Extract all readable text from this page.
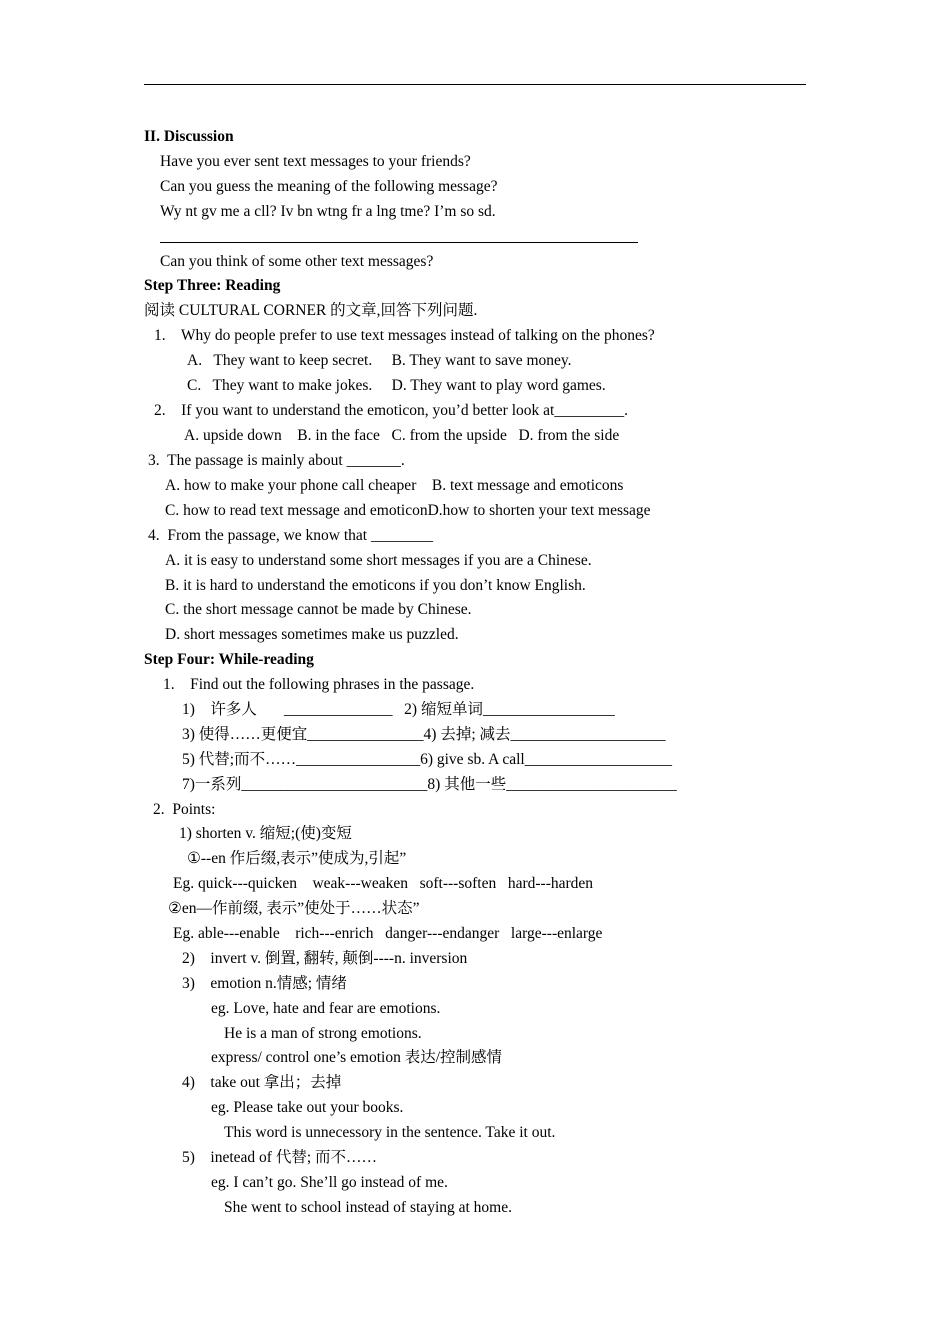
II. Discussion
Have you ever sent text messages to your friends?
Can you guess the meaning of the following message?
Wy nt gv me a cll? Iv bn wtng fr a lng tme? I’m so sd.
Can you think of some other text messages?
Step Three: Reading
阅读 CULTURAL CORNER 的文章,回答下列问题.
1.    Why do people prefer to use text messages instead of talking on the phones?
A.   They want to keep secret.     B. They want to save money.
C.   They want to make jokes.     D. They want to play word games.
2.    If you want to understand the emoticon, you’d better look at_________.
A. upside down    B. in the face   C. from the upside   D. from the side
3.  The passage is mainly about _______.
A. how to make your phone call cheaper    B. text message and emoticons
C. how to read text message and emoticonD.how to shorten your text message
4.  From the passage, we know that ________
A. it is easy to understand some short messages if you are a Chinese.
B. it is hard to understand the emoticons if you don’t know English.
C. the short message cannot be made by Chinese.
D. short messages sometimes make us puzzled.
Step Four: While-reading
1.    Find out the following phrases in the passage.
1)    许多人       ______________   2) 缩短单词_________________
3) 使得……更便宜_______________4) 去掉; 减去____________________
5) 代替;而不……________________6) give sb. A call___________________
7)一系列________________________8) 其他一些______________________
2.  Points:
1) shorten v. 缩短;(使)变短
①--en 作后缀,表示”使成为,引起”
Eg. quick---quicken    weak---weaken   soft---soften   hard---harden
②en—作前缀, 表示”使处于……状态”
Eg. able---enable    rich---enrich   danger---endanger   large---enlarge
2)    invert v. 倒置, 翻转, 颠倒----n. inversion
3)    emotion n.情感; 情绪
eg. Love, hate and fear are emotions.
He is a man of strong emotions.
express/ control one’s emotion 表达/控制感情
4)    take out 拿出；去掉
eg. Please take out your books.
This word is unnecessory in the sentence. Take it out.
5)    inetead of 代替; 而不……
eg. I can’t go. She’ll go instead of me.
She went to school instead of staying at home.
